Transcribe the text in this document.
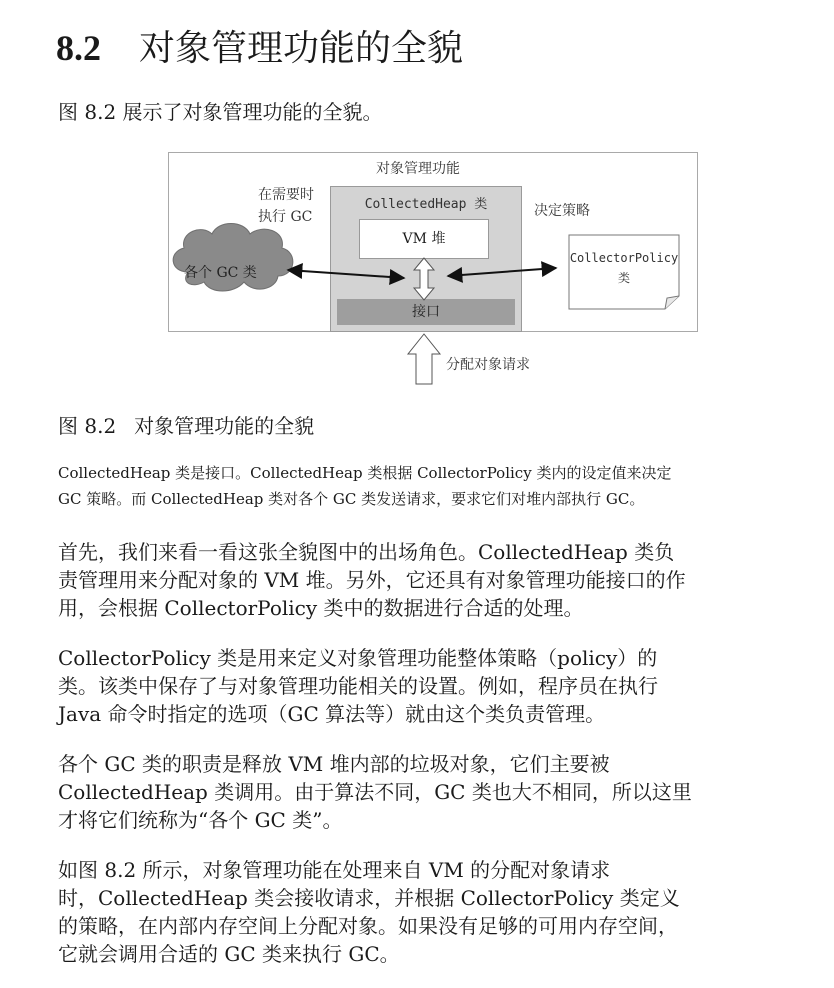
8.2 对象管理功能的全貌
图 8.2 展示了对象管理功能的全貌。
对象管理功能
在需要时
执行 GC	决定策略
CollectedHeap 类
VM 堆
接口
各个 GC 类
CollectorPolicy
类
分配对象请求
图 8.2 对象管理功能的全貌
CollectedHeap 类是接口。CollectedHeap 类根据 CollectorPolicy 类内的设定值来决定
GC 策略。而 CollectedHeap 类对各个 GC 类发送请求，要求它们对堆内部执行 GC。
首先，我们来看一看这张全貌图中的出场角色。CollectedHeap 类负
责管理用来分配对象的 VM 堆。另外，它还具有对象管理功能接口的作
用，会根据 CollectorPolicy 类中的数据进行合适的处理。
CollectorPolicy 类是用来定义对象管理功能整体策略（policy）的
类。该类中保存了与对象管理功能相关的设置。例如，程序员在执行
Java 命令时指定的选项（GC 算法等）就由这个类负责管理。
各个 GC 类的职责是释放 VM 堆内部的垃圾对象，它们主要被
CollectedHeap 类调用。由于算法不同，GC 类也大不相同，所以这里
才将它们统称为“各个 GC 类”。
如图 8.2 所示，对象管理功能在处理来自 VM 的分配对象请求
时，CollectedHeap 类会接收请求，并根据 CollectorPolicy 类定义
的策略，在内部内存空间上分配对象。如果没有足够的可用内存空间，
它就会调用合适的 GC 类来执行 GC。
